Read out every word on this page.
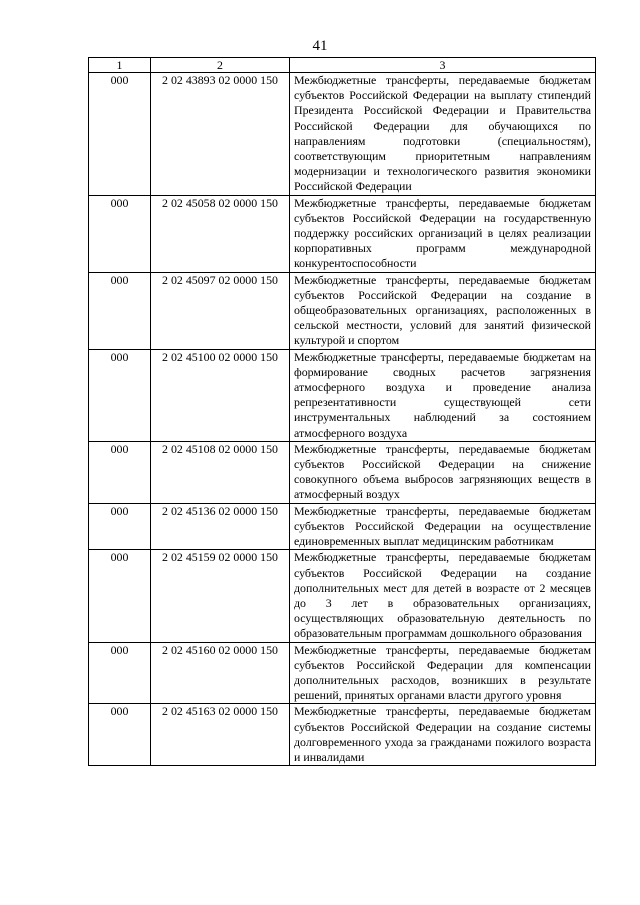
41
1	2	3
000	2 02 43893 02 0000 150	Межбюджетные трансферты, передаваемые бюджетам субъектов Российской Федерации на выплату стипендий Президента Российской Федерации и Правительства Российской Федерации для обучающихся по направлениям подготовки (специальностям), соответствующим приоритетным направлениям модернизации и технологического развития экономики Российской Федерации
000	2 02 45058 02 0000 150	Межбюджетные трансферты, передаваемые бюджетам субъектов Российской Федерации на государственную поддержку российских организаций в целях реализации корпоративных программ международной конкурентоспособности
000	2 02 45097 02 0000 150	Межбюджетные трансферты, передаваемые бюджетам субъектов Российской Федерации на создание в общеобразовательных организациях, расположенных в сельской местности, условий для занятий физической культурой и спортом
000	2 02 45100 02 0000 150	Межбюджетные трансферты, передаваемые бюджетам на формирование сводных расчетов загрязнения атмосферного воздуха и проведение анализа репрезентативности существующей сети инструментальных наблюдений за состоянием атмосферного воздуха
000	2 02 45108 02 0000 150	Межбюджетные трансферты, передаваемые бюджетам субъектов Российской Федерации на снижение совокупного объема выбросов загрязняющих веществ в атмосферный воздух
000	2 02 45136 02 0000 150	Межбюджетные трансферты, передаваемые бюджетам субъектов Российской Федерации на осуществление единовременных выплат медицинским работникам
000	2 02 45159 02 0000 150	Межбюджетные трансферты, передаваемые бюджетам субъектов Российской Федерации на создание дополнительных мест для детей в возрасте от 2 месяцев до 3 лет в образовательных организациях, осуществляющих образовательную деятельность по образовательным программам дошкольного образования
000	2 02 45160 02 0000 150	Межбюджетные трансферты, передаваемые бюджетам субъектов Российской Федерации для компенсации дополнительных расходов, возникших в результате решений, принятых органами власти другого уровня
000	2 02 45163 02 0000 150	Межбюджетные трансферты, передаваемые бюджетам субъектов Российской Федерации на создание системы долговременного ухода за гражданами пожилого возраста и инвалидами
